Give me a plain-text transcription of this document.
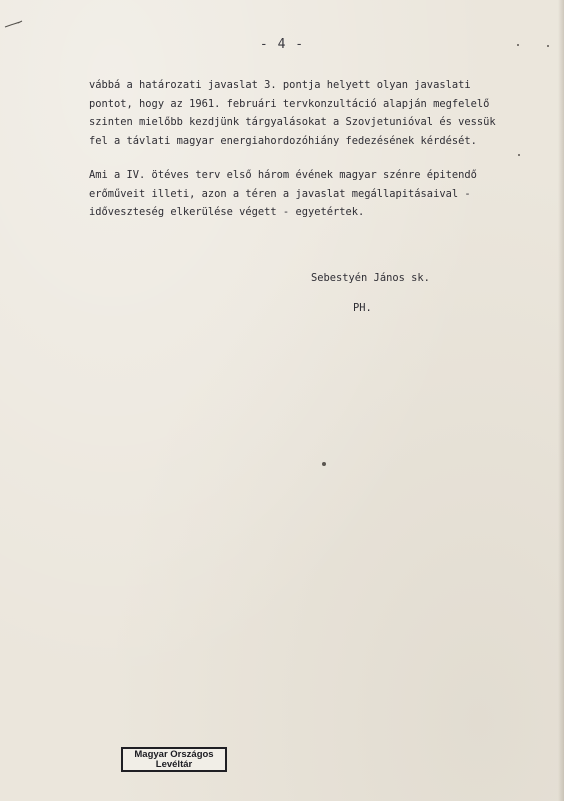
- 4 -

vábbá a határozati javaslat 3. pontja helyett olyan javaslati
pontot, hogy az 1961. februári tervkonzultáció alapján megfelelő
szinten mielőbb kezdjünk tárgyalásokat a Szovjetunióval és vessük
fel a távlati magyar energiahordozóhiány fedezésének kérdését.

Ami a IV. ötéves terv első három évének magyar szénre épitendő
erőműveit illeti, azon a téren a javaslat megállapitásaival -
időveszteség elkerülése végett - egyetértek.

Sebestyén János sk.
PH.
Magyar Országos
Levéltár
